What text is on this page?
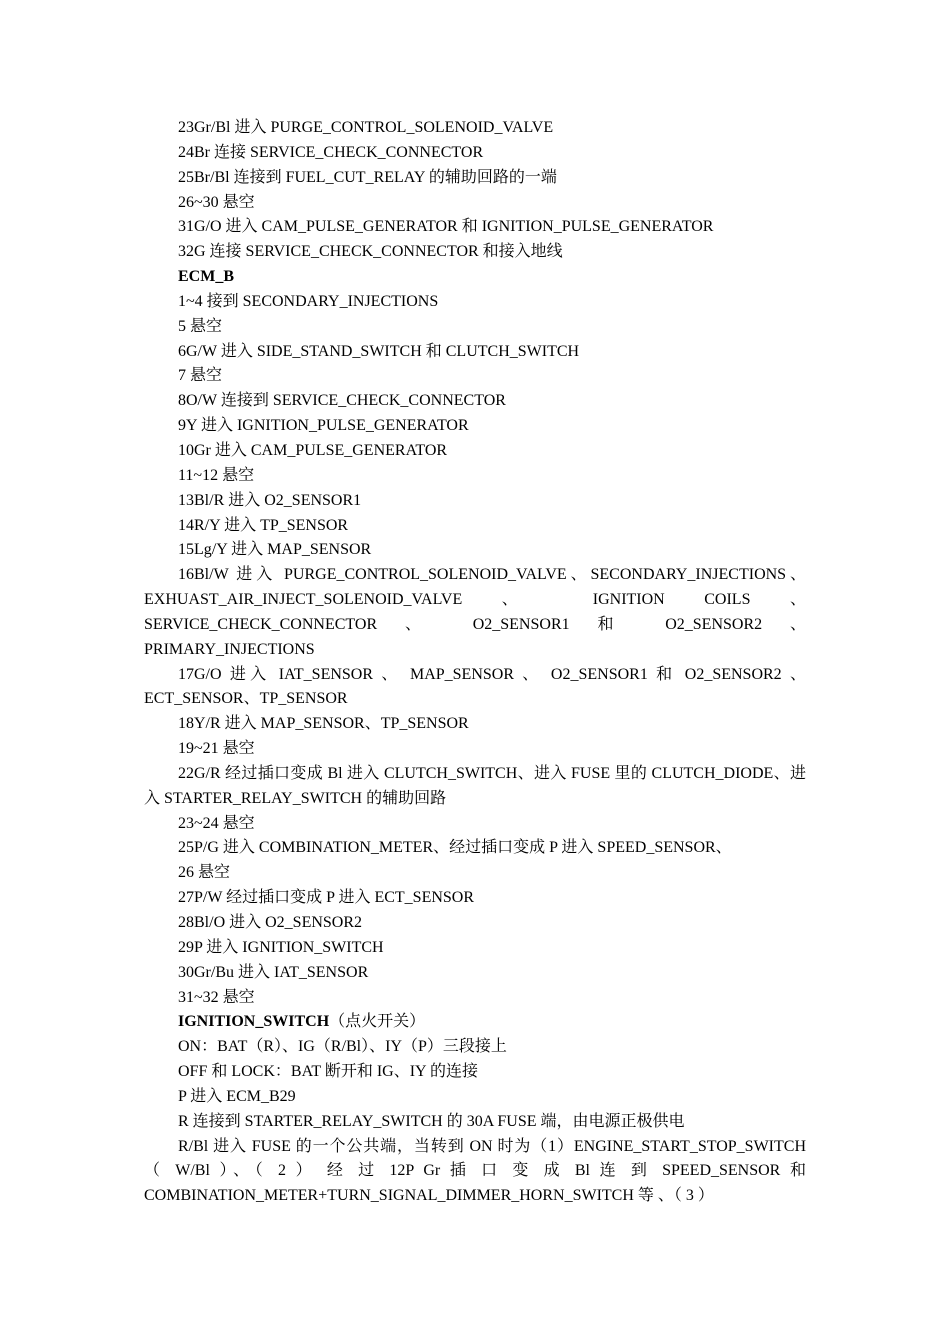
23Gr/Bl 进入 PURGE_CONTROL_SOLENOID_VALVE

24Br 连接 SERVICE_CHECK_CONNECTOR

25Br/Bl 连接到 FUEL_CUT_RELAY 的辅助回路的一端

26~30 悬空

31G/O 进入 CAM_PULSE_GENERATOR 和 IGNITION_PULSE_GENERATOR

32G 连接 SERVICE_CHECK_CONNECTOR 和接入地线

ECM_B

1~4 接到 SECONDARY_INJECTIONS

5 悬空

6G/W 进入 SIDE_STAND_SWITCH 和 CLUTCH_SWITCH

7 悬空

8O/W 连接到 SERVICE_CHECK_CONNECTOR

9Y 进入 IGNITION_PULSE_GENERATOR

10Gr 进入 CAM_PULSE_GENERATOR

11~12 悬空

13Bl/R 进入 O2_SENSOR1

14R/Y 进入 TP_SENSOR

15Lg/Y 进入 MAP_SENSOR

16Bl/W 进入 PURGE_CONTROL_SOLENOID_VALVE、SECONDARY_INJECTIONS、EXHUAST_AIR_INJECT_SOLENOID_VALVE 、 IGNITION COILS 、 SERVICE_CHECK_CONNECTOR 、 O2_SENSOR1 和 O2_SENSOR2 、 PRIMARY_INJECTIONS

17G/O 进入 IAT_SENSOR 、 MAP_SENSOR 、 O2_SENSOR1 和 O2_SENSOR2 、 ECT_SENSOR、TP_SENSOR

18Y/R 进入 MAP_SENSOR、TP_SENSOR

19~21 悬空

22G/R 经过插口变成 Bl 进入 CLUTCH_SWITCH、进入 FUSE 里的 CLUTCH_DIODE、进入 STARTER_RELAY_SWITCH 的辅助回路

23~24 悬空

25P/G 进入 COMBINATION_METER、经过插口变成 P 进入 SPEED_SENSOR、

26 悬空

27P/W 经过插口变成 P 进入 ECT_SENSOR

28Bl/O 进入 O2_SENSOR2

29P 进入 IGNITION_SWITCH

30Gr/Bu 进入 IAT_SENSOR

31~32 悬空

IGNITION_SWITCH（点火开关）

ON：BAT（R）、IG（R/Bl）、IY（P）三段接上

OFF 和 LOCK：BAT 断开和 IG、IY 的连接

P 进入 ECM_B29

R 连接到 STARTER_RELAY_SWITCH 的 30A FUSE 端，由电源正极供电

R/Bl 进入 FUSE 的一个公共端，当转到 ON 时为（1）ENGINE_START_STOP_SWITCH （ W/Bl ）、（ 2 ） 经 过 12P Gr 插 口 变 成 Bl 连 到 SPEED_SENSOR 和 COMBINATION_METER+TURN_SIGNAL_DIMMER_HORN_SWITCH 等 、（ 3 ）
